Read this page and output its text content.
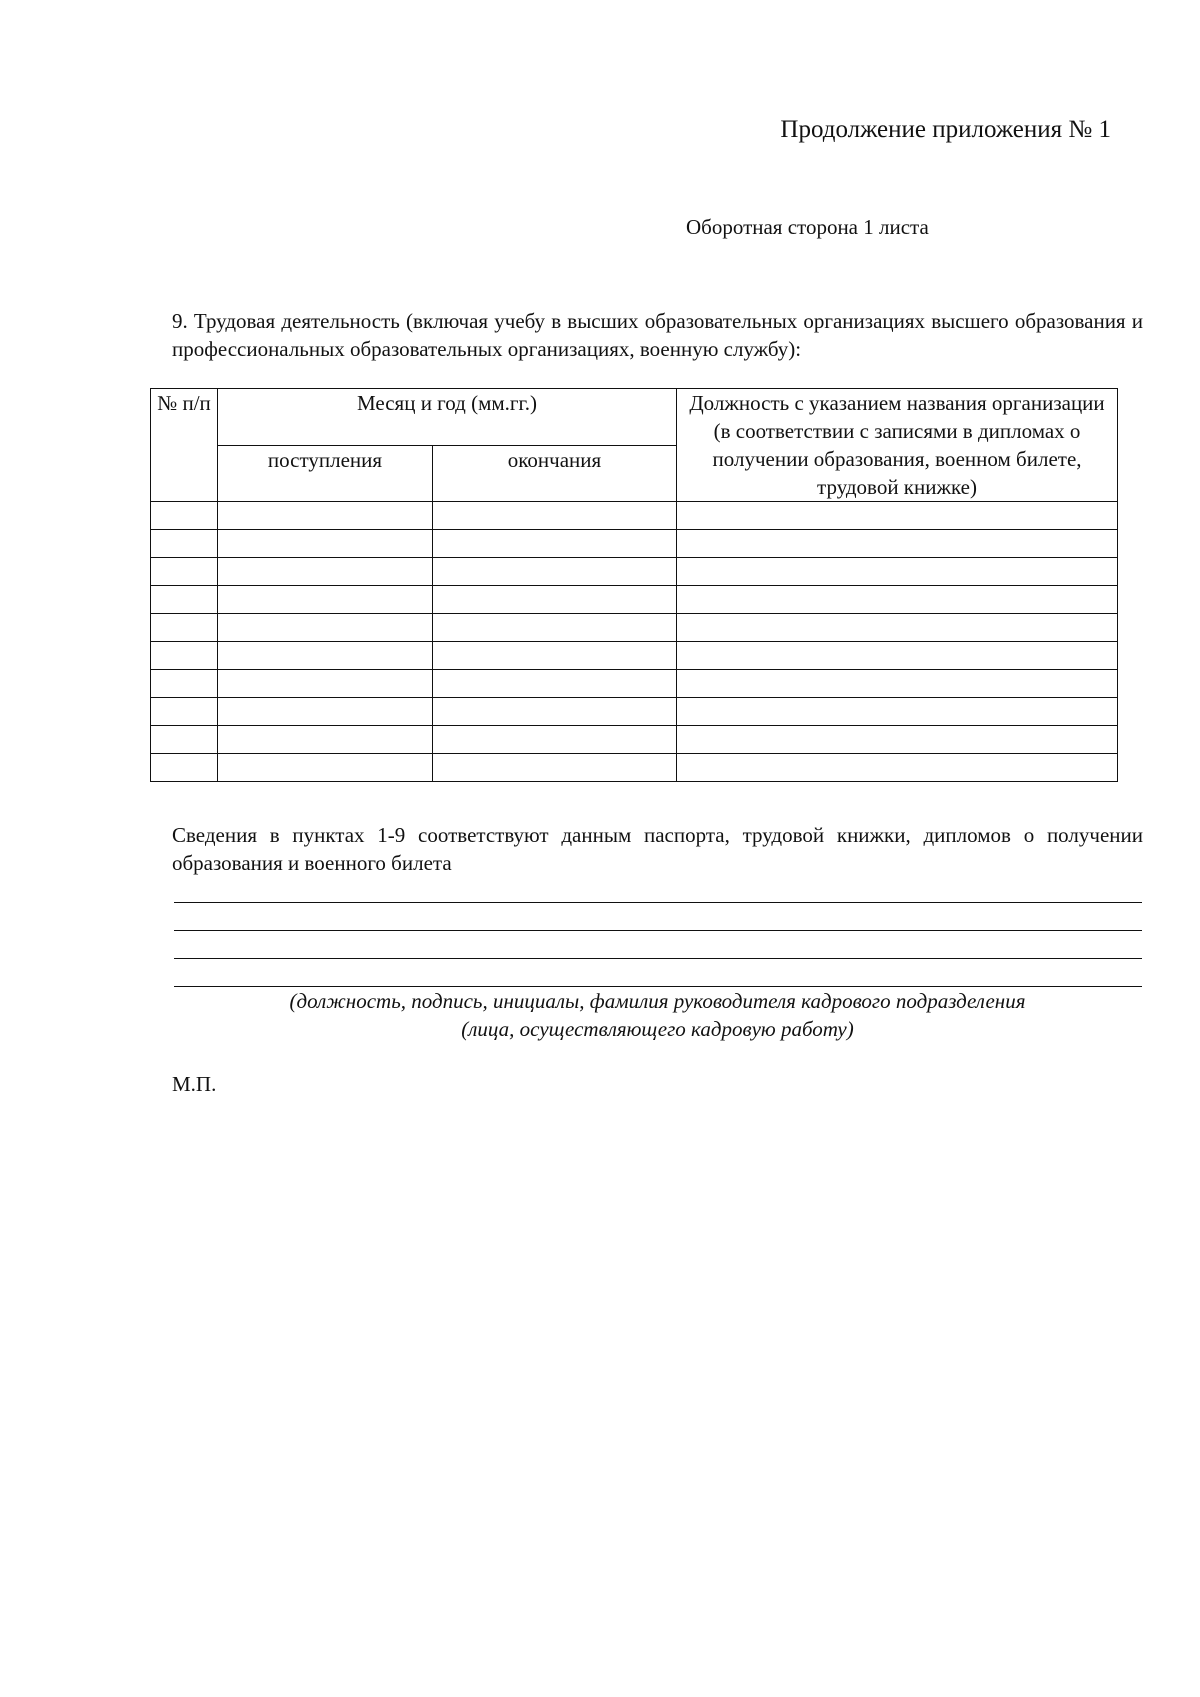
Продолжение приложения № 1

Оборотная сторона 1 листа

9. Трудовая деятельность (включая учебу в высших образовательных организациях высшего образования и профессиональных образовательных организациях, военную службу):

№ п/п	Месяц и год (мм.гг.)		Должность с указанием названия организации (в соответствии с записями в дипломах о получении образования, военном билете, трудовой книжке)
	поступления	окончания	

Сведения в пунктах 1-9 соответствуют данным паспорта, трудовой книжки, дипломов о получении образования и военного билета

(должность, подпись, инициалы, фамилия руководителя кадрового подразделения
(лица, осуществляющего кадровую работу)

М.П.
